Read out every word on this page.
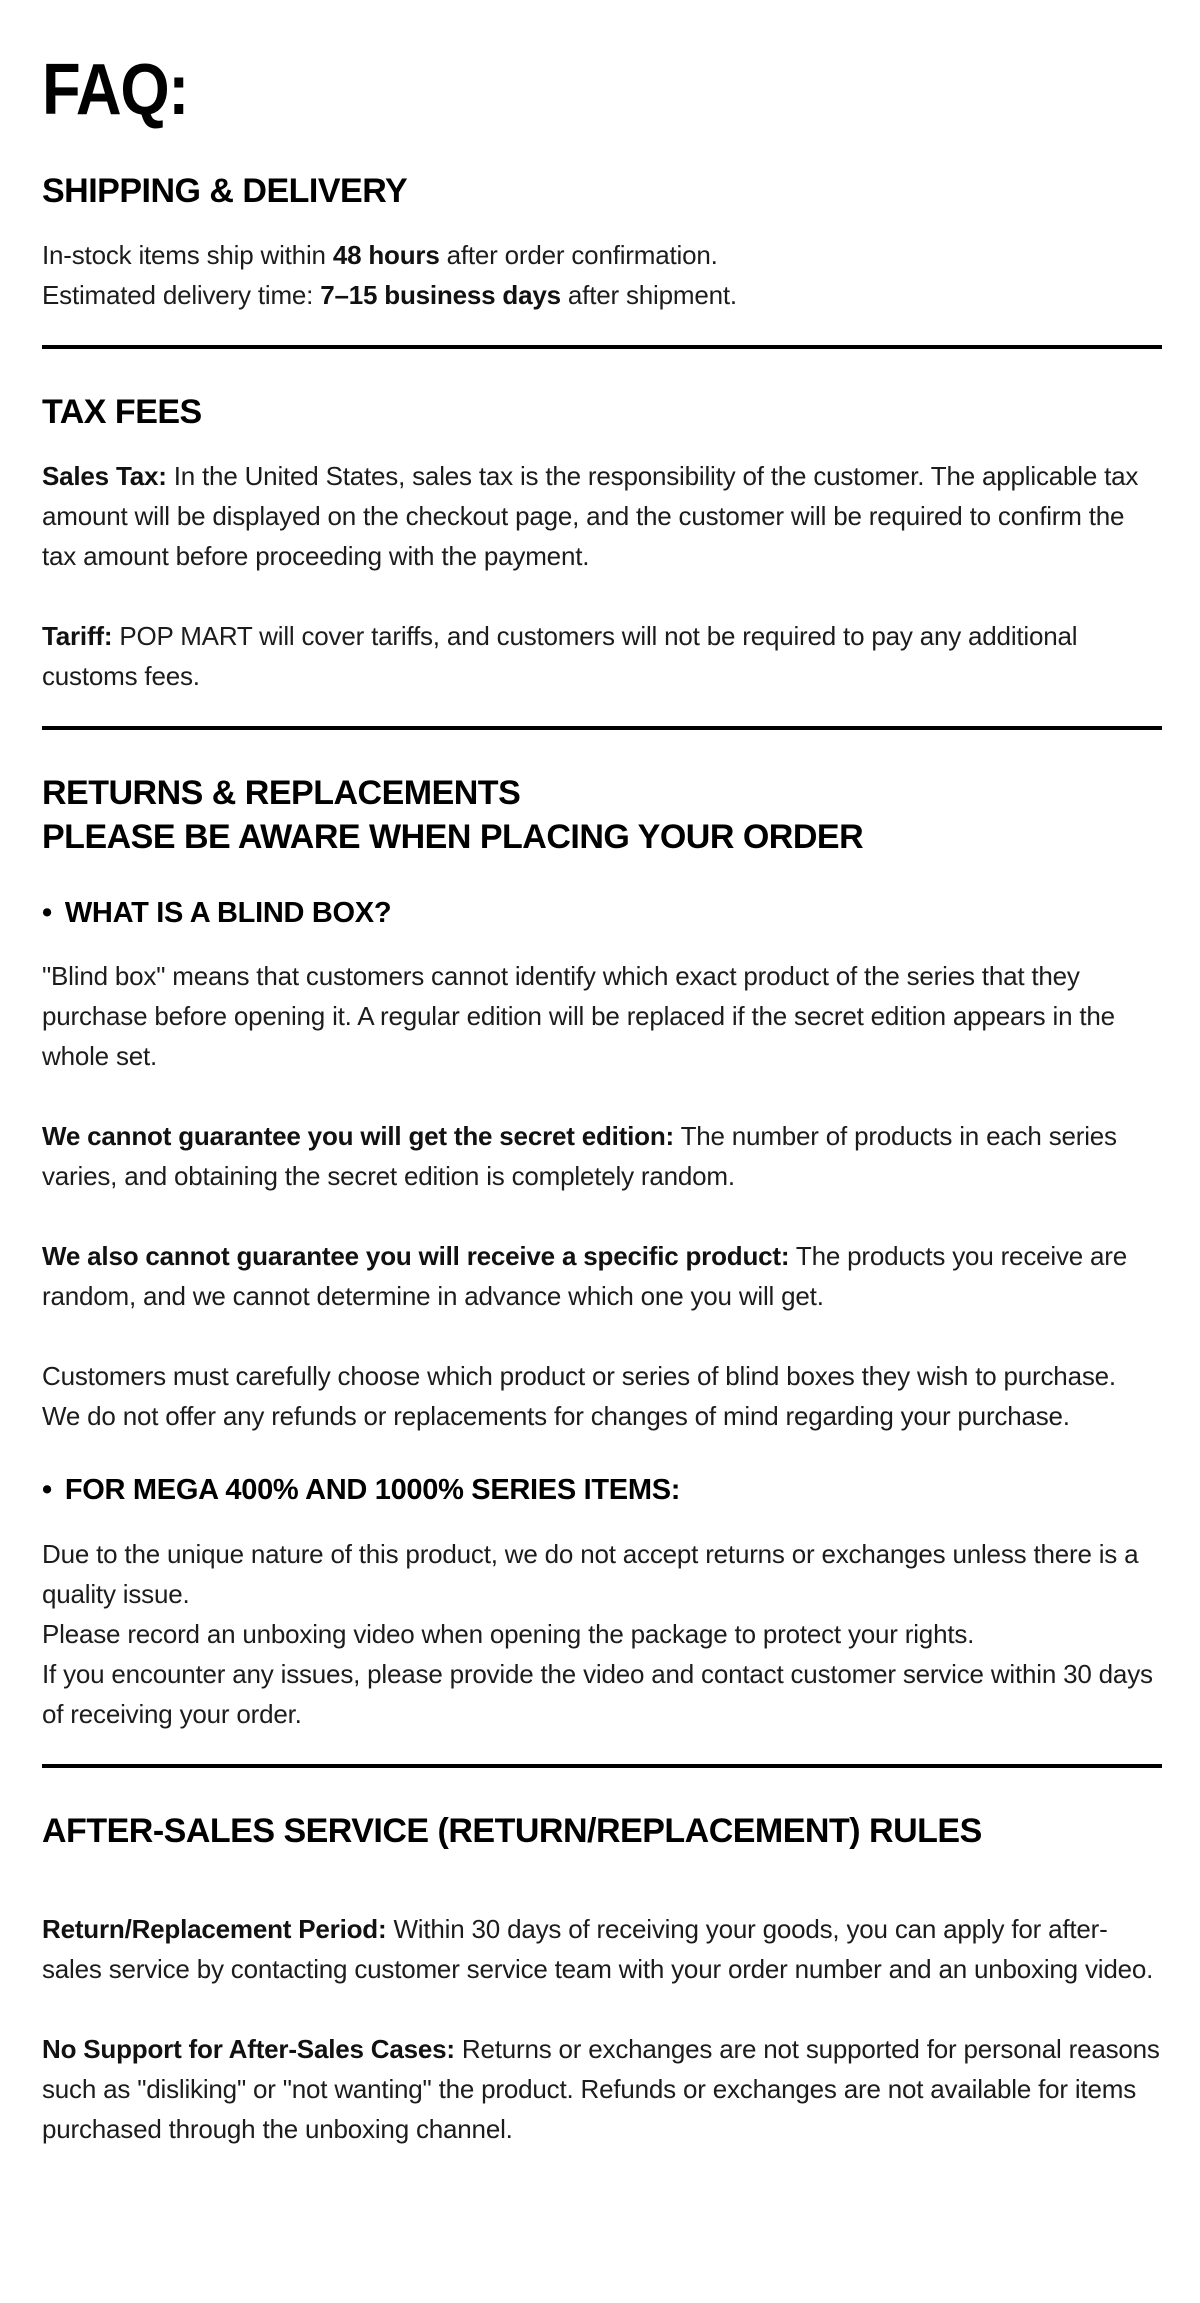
FAQ:
SHIPPING & DELIVERY

In-stock items ship within 48 hours after order confirmation.
Estimated delivery time: 7–15 business days after shipment.

TAX FEES

Sales Tax: In the United States, sales tax is the responsibility of the customer. The applicable tax amount will be displayed on the checkout page, and the customer will be required to confirm the tax amount before proceeding with the payment.

Tariff: POP MART will cover tariffs, and customers will not be required to pay any additional customs fees.

RETURNS & REPLACEMENTS
PLEASE BE AWARE WHEN PLACING YOUR ORDER
• WHAT IS A BLIND BOX?

"Blind box" means that customers cannot identify which exact product of the series that they purchase before opening it. A regular edition will be replaced if the secret edition appears in the whole set.

We cannot guarantee you will get the secret edition: The number of products in each series varies, and obtaining the secret edition is completely random.

We also cannot guarantee you will receive a specific product: The products you receive are random, and we cannot determine in advance which one you will get.

Customers must carefully choose which product or series of blind boxes they wish to purchase. We do not offer any refunds or replacements for changes of mind regarding your purchase.

• FOR MEGA 400% AND 1000% SERIES ITEMS:

Due to the unique nature of this product, we do not accept returns or exchanges unless there is a quality issue.
Please record an unboxing video when opening the package to protect your rights.
If you encounter any issues, please provide the video and contact customer service within 30 days of receiving your order.

AFTER-SALES SERVICE (RETURN/REPLACEMENT) RULES

Return/Replacement Period: Within 30 days of receiving your goods, you can apply for after-sales service by contacting customer service team with your order number and an unboxing video.

No Support for After-Sales Cases: Returns or exchanges are not supported for personal reasons such as "disliking" or "not wanting" the product. Refunds or exchanges are not available for items purchased through the unboxing channel.
